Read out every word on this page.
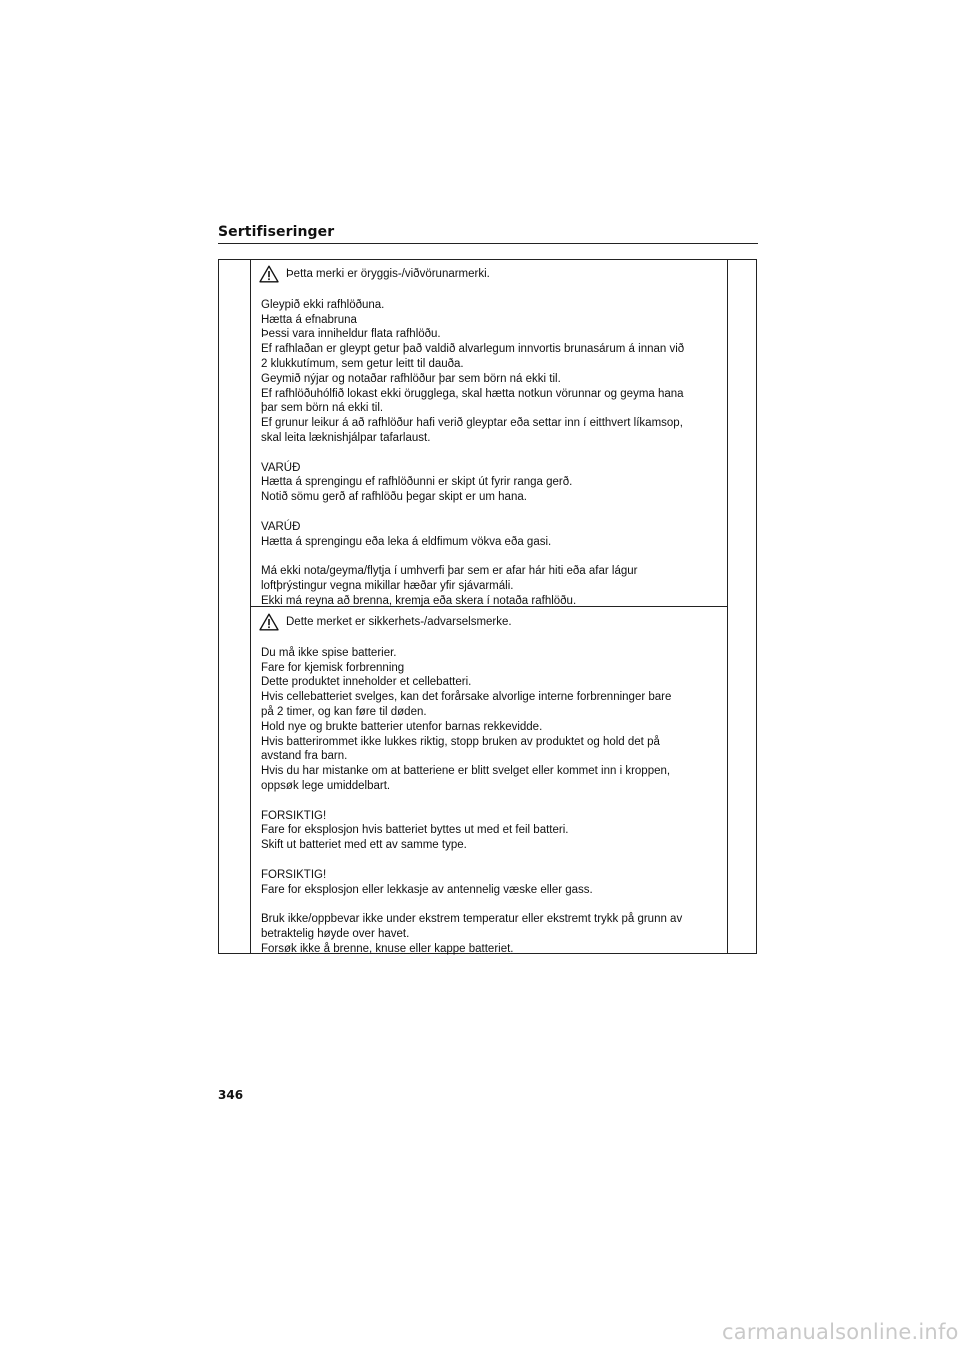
Sertifiseringer
Þetta merki er öryggis-/viðvörunarmerki.

Gleypið ekki rafhlöðuna.
Hætta á efnabruna
Þessi vara inniheldur flata rafhlöðu.
Ef rafhlaðan er gleypt getur það valdið alvarlegum innvortis brunasárum á innan við
2 klukkutímum, sem getur leitt til dauða.
Geymið nýjar og notaðar rafhlöður þar sem börn ná ekki til.
Ef rafhlöðuhólfið lokast ekki örugglega, skal hætta notkun vörunnar og geyma hana
þar sem börn ná ekki til.
Ef grunur leikur á að rafhlöður hafi verið gleyptar eða settar inn í eitthvert líkamsop,
skal leita læknishjálpar tafarlaust.

VARÚÐ
Hætta á sprengingu ef rafhlöðunni er skipt út fyrir ranga gerð.
Notið sömu gerð af rafhlöðu þegar skipt er um hana.

VARÚÐ
Hætta á sprengingu eða leka á eldfimum vökva eða gasi.

Má ekki nota/geyma/flytja í umhverfi þar sem er afar hár hiti eða afar lágur
loftþrýstingur vegna mikillar hæðar yfir sjávarmáli.
Ekki má reyna að brenna, kremja eða skera í notaða rafhlöðu.

Dette merket er sikkerhets-/advarselsmerke.

Du må ikke spise batterier.
Fare for kjemisk forbrenning
Dette produktet inneholder et cellebatteri.
Hvis cellebatteriet svelges, kan det forårsake alvorlige interne forbrenninger bare
på 2 timer, og kan føre til døden.
Hold nye og brukte batterier utenfor barnas rekkevidde.
Hvis batterirommet ikke lukkes riktig, stopp bruken av produktet og hold det på
avstand fra barn.
Hvis du har mistanke om at batteriene er blitt svelget eller kommet inn i kroppen,
oppsøk lege umiddelbart.

FORSIKTIG!
Fare for eksplosjon hvis batteriet byttes ut med et feil batteri.
Skift ut batteriet med ett av samme type.

FORSIKTIG!
Fare for eksplosjon eller lekkasje av antennelig væske eller gass.

Bruk ikke/oppbevar ikke under ekstrem temperatur eller ekstremt trykk på grunn av
betraktelig høyde over havet.
Forsøk ikke å brenne, knuse eller kappe batteriet.

346

carmanualsonline.info
